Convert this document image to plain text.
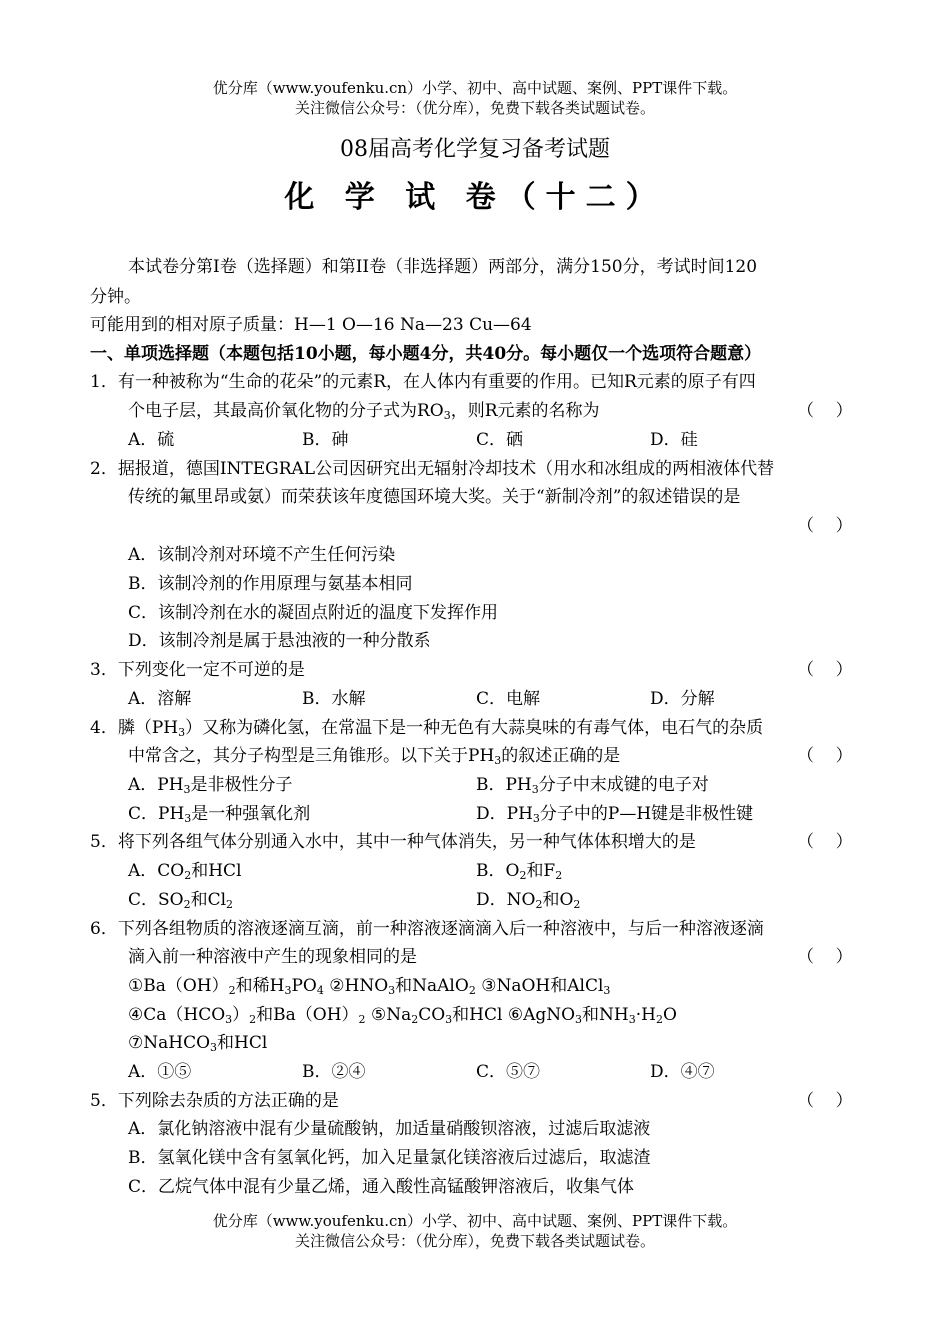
优分库（www.youfenku.cn）小学、初中、高中试题、案例、PPT课件下载。
关注微信公众号：（优分库），免费下载各类试题试卷。
08届高考化学复习备考试题
化 学 试 卷（十二）
本试卷分第I卷（选择题）和第II卷（非选择题）两部分，满分150分，考试时间120
分钟。
可能用到的相对原子质量：H—1 O—16 Na—23 Cu—64
一、单项选择题（本题包括10小题，每小题4分，共40分。每小题仅一个选项符合题意）
1．有一种被称为“生命的花朵”的元素R，在人体内有重要的作用。已知R元素的原子有四
个电子层，其最高价氧化物的分子式为$RO_3$，则R元素的名称为	（    ）
A．硫	B．砷	C．硒	D．硅
2．据报道，德国INTEGRAL公司因研究出无辐射冷却技术（用水和冰组成的两相液体代替
传统的氟里昂或氨）而荣获该年度德国环境大奖。关于“新制冷剂”的叙述错误的是
（    ）
A．该制冷剂对环境不产生任何污染
B．该制冷剂的作用原理与氨基本相同
C．该制冷剂在水的凝固点附近的温度下发挥作用
D．该制冷剂是属于悬浊液的一种分散系
3．下列变化一定不可逆的是	（    ）
A．溶解	B．水解	C．电解	D．分解
4．膦$(PH_3)$又称为磷化氢，在常温下是一种无色有大蒜臭味的有毒气体，电石气的杂质
中常含之，其分子构型是三角锥形。以下关于$PH_3$的叙述正确的是	（    ）
A．$PH_3$是非极性分子	B．$PH_3$分子中末成键的电子对
C．$PH_3$是一种强氧化剂	D．$PH_3$分子中的P—H键是非极性键
5．将下列各组气体分别通入水中，其中一种气体消失，另一种气体体积增大的是	（    ）
A．$CO_2$和HCl	B．$O_2$和$F_2$
C．$SO_2$和$Cl_2$	D．$NO_2$和$O_2$
6．下列各组物质的溶液逐滴互滴，前一种溶液逐滴滴入后一种溶液中，与后一种溶液逐滴
滴入前一种溶液中产生的现象相同的是	（    ）
$①Ba(OH)_2$和稀$H_3PO_4$ $②HNO_3$和NaAlO$_2$ ③NaOH和AlCl$_3$
$④Ca(HCO_3)_2$和$Ba(OH)_2$ $⑤Na_2CO_3$和HCl ⑥AgNO$_3$和$NH_3\cdot H_2O$
⑦NaHCO$_3$和HCl
A．①⑤	B．②④	C．⑤⑦	D．④⑦
5．下列除去杂质的方法正确的是	（    ）
A．氯化钠溶液中混有少量硫酸钠，加适量硝酸钡溶液，过滤后取滤液
B．氢氧化镁中含有氢氧化钙，加入足量氯化镁溶液后过滤后，取滤渣
C．乙烷气体中混有少量乙烯，通入酸性高锰酸钾溶液后，收集气体
优分库（www.youfenku.cn）小学、初中、高中试题、案例、PPT课件下载。
关注微信公众号：（优分库），免费下载各类试题试卷。
